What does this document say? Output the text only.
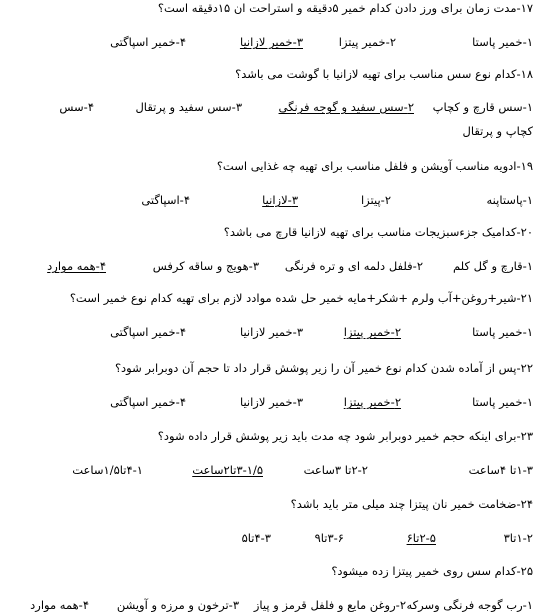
۱۷-مدت زمان برای ورز دادن کدام خمیر ۵دقیقه و استراحت ان ۱۵دقیقه است؟
۱-خمیر پاستا
۲-خمیر پیتزا
۳-خمیر لازانیا
۴-خمیر اسپاگتی
۱۸-کدام نوع سس مناسب برای تهیه لازانیا با گوشت می باشد؟
۱-سس قارچ و کچاپ
۲-سس سفید و گوجه فرنگی
۳-سس سفید و پرتقال
۴-سس
کچاپ و پرتقال
۱۹-ادویه مناسب آویشن و فلفل مناسب برای تهیه چه غذایی است؟
۱-پاستاپنه
۲-پیتزا
۳-لازانیا
۴-اسپاگتی
۲۰-کدامیک جزءسبزیجات مناسب برای تهیه لازانیا قارچ می باشد؟
۱-قارچ و گل کلم
۲-فلفل دلمه ای و تره فرنگی
۳-هویج و ساقه کرفس
۴-همه موارد
۲۱-شیر+روغن+آب ولرم +شکر+مایه خمیر حل شده موادد لازم برای تهیه کدام نوع خمیر است؟
۱-خمیر پاستا
۲-خمیر پیتزا
۳-خمیر لازانیا
۴-خمیر اسپاگتی
۲۲-پس از آماده شدن کدام نوع خمیر آن را زیر پوشش قرار داد تا حجم آن دوبرابر شود؟
۱-خمیر پاستا
۲-خمیر پیتزا
۳-خمیر لازانیا
۴-خمیر اسپاگتی
۲۳-برای اینکه حجم خمیر دوبرابر شود چه مدت باید زیر پوشش قرار داده شود؟
۱-۳تا ۴ساعت
۲-۲تا ۳ساعت
۳-۱/۵تا۲ساعت
۴-۱تا۱/۵ساعت
۲۴-ضخامت خمیر نان پیتزا چند میلی متر باید باشد؟
۱-۲تا۳
۲-۵تا۶
۳-۶تا۹
۴-۳تا۵
۲۵-کدام سس روی خمیر پیتزا زده میشود؟
۱-رب گوجه فرنگی وسرکه
۲-روغن مایع و فلفل قرمز و پیاز
۳-ترخون و مرزه و آویشن
۴-همه موارد
